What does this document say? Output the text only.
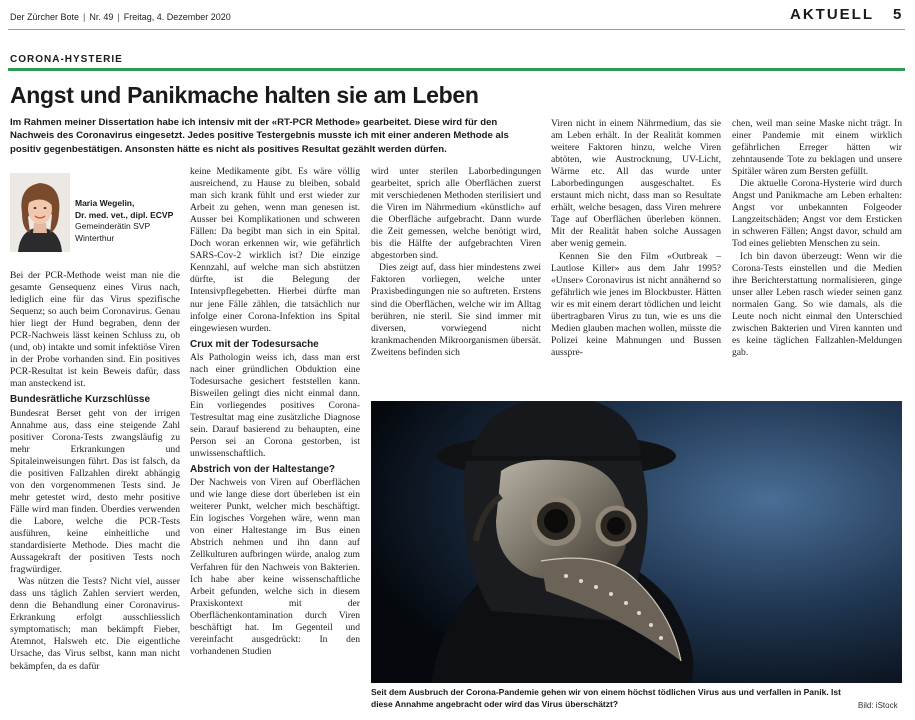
Der Zürcher Bote | Nr. 49 | Freitag, 4. Dezember 2020	AKTUELL 5
CORONA-HYSTERIE
Angst und Panikmache halten sie am Leben
Im Rahmen meiner Dissertation habe ich intensiv mit der «RT-PCR Methode» gearbeitet. Diese wird für den Nachweis des Coronavirus eingesetzt. Jedes positive Testergebnis musste ich mit einer anderen Methode als positiv gegenbestätigen. Ansonsten hätte es nicht als positives Resultat gezählt werden dürfen.
Maria Wegelin,
Dr. med. vet., dipl. ECVP
Gemeinderätin SVP
Winterthur

Bei der PCR-Methode weist man nie die gesamte Gensequenz eines Virus nach, lediglich eine für das Virus spezifische Sequenz; so auch beim Coronavirus. Genau hier liegt der Hund begraben, denn der PCR-Nachweis lässt keinen Schluss zu, ob (und, ob) intakte und somit infektiöse Viren in der Probe vorhanden sind. Ein positives PCR-Resultat ist kein Beweis dafür, dass man ansteckend ist.

Bundesrätliche Kurzschlüsse

Bundesrat Berset geht von der irrigen Annahme aus, dass eine steigende Zahl positiver Corona-Tests zwangsläufig zu mehr Erkrankungen und Spitaleinweisungen führt. Das ist falsch, da die positiven Fallzahlen direkt abhängig von den vorgenommenen Tests sind. Je mehr getestet wird, desto mehr positive Fälle wird man finden. Überdies verwenden die Labore, welche die PCR-Tests ausführen, keine einheitliche und standardisierte Methode. Dies macht die Aussagekraft der positiven Tests noch fragwürdiger.

Was nützen die Tests? Nicht viel, ausser dass uns täglich Zahlen serviert werden, denn die Behandlung einer Coronavirus-Erkrankung erfolgt ausschliesslich symptomatisch; man bekämpft Fieber, Atemnot, Halsweh etc. Die eigentliche Ursache, das Virus selbst, kann man nicht bekämpfen, da es dafür

keine Medikamente gibt. Es wäre völlig ausreichend, zu Hause zu bleiben, sobald man sich krank fühlt und erst wieder zur Arbeit zu gehen, wenn man genesen ist. Ausser bei Komplikationen und schweren Fällen: Da begibt man sich in ein Spital. Doch woran erkennen wir, wie gefährlich SARS-Cov-2 wirklich ist? Die einzige Kennzahl, auf welche man sich abstützen dürfte, ist die Belegung der Intensivpflegebetten. Hierbei dürfte man nur jene Fälle zählen, die tatsächlich nur infolge einer Corona-Infektion ins Spital eingewiesen wurden.

Crux mit der Todesursache

Als Pathologin weiss ich, dass man erst nach einer gründlichen Obduktion eine Todesursache gesichert feststellen kann. Bisweilen gelingt dies nicht einmal dann. Ein vorliegendes positives Corona-Testresultat mag eine zusätzliche Diagnose sein. Darauf basierend zu behaupten, eine Person sei an Corona gestorben, ist unwissenschaftlich.

Abstrich von der Haltestange?

Der Nachweis von Viren auf Oberflächen und wie lange diese dort überleben ist ein weiterer Punkt, welcher mich beschäftigt. Ein logisches Vorgehen wäre, wenn man von einer Haltestange im Bus einen Abstrich nehmen und ihn dann auf Zellkulturen aufbringen würde, analog zum Verfahren für den Nachweis von Bakterien. Ich habe aber keine wissenschaftliche Arbeit gefunden, welche sich in diesem Praxiskontext mit der Oberflächenkontamination durch Viren beschäftigt hat. Im Gegenteil und vereinfacht ausgedrückt: In den vorhandenen Studien

wird unter sterilen Laborbedingungen gearbeitet, sprich alle Oberflächen zuerst mit verschiedenen Methoden sterilisiert und die Viren im Nährmedium «künstlich» auf die Oberfläche aufgebracht. Dann wurde die Zeit gemessen, welche benötigt wird, bis die Hälfte der aufgebrachten Viren abgestorben sind.

Dies zeigt auf, dass hier mindestens zwei Faktoren vorliegen, welche unter Praxisbedingungen nie so auftreten. Erstens sind die Oberflächen, welche wir im Alltag berühren, nie steril. Sie sind immer mit diversen, vorwiegend nicht krankmachenden Mikroorganismen übersät. Zweitens befinden sich

Viren nicht in einem Nährmedium, das sie am Leben erhält. In der Realität kommen weitere Faktoren hinzu, welche Viren abtöten, wie Austrocknung, UV-Licht, Wärme etc. All das wurde unter Laborbedingungen ausgeschaltet. Es erstaunt mich nicht, dass man so Resultate erhält, welche besagen, dass Viren mehrere Tage auf Oberflächen überleben können. Mit der Realität haben solche Aussagen aber wenig gemein.

Kennen Sie den Film «Outbreak – Lautlose Killer» aus dem Jahr 1995? «Unser» Coronavirus ist nicht annähernd so gefährlich wie jenes im Blockbuster. Hätten wir es mit einem derart tödlichen und leicht übertragbaren Virus zu tun, wie es uns die Medien glauben machen wollen, müsste die Polizei keine Mahnungen und Bussen ausspre-

chen, weil man seine Maske nicht trägt. In einer Pandemie mit einem wirklich gefährlichen Erreger hätten wir zehntausende Tote zu beklagen und unsere Spitäler wären zum Bersten gefüllt.

Die aktuelle Corona-Hysterie wird durch Angst und Panikmache am Leben erhalten: Angst vor unbekannten Folgeoder Langzeitschäden; Angst vor dem Ersticken in schweren Fällen; Angst davor, schuld am Tod eines geliebten Menschen zu sein.

Ich bin davon überzeugt: Wenn wir die Corona-Tests einstellen und die Medien ihre Berichterstattung normalisieren, ginge unser aller Leben rasch wieder seinen ganz normalen Gang. So wie damals, als die Leute noch nicht einmal den Unterschied zwischen Bakterien und Viren kannten und es keine täglichen Fallzahlen-Meldungen gab.

Seit dem Ausbruch der Corona-Pandemie gehen wir von einem höchst tödlichen Virus aus und verfallen in Panik. Ist diese Annahme angebracht oder wird das Virus überschätzt?	Bild: iStock
